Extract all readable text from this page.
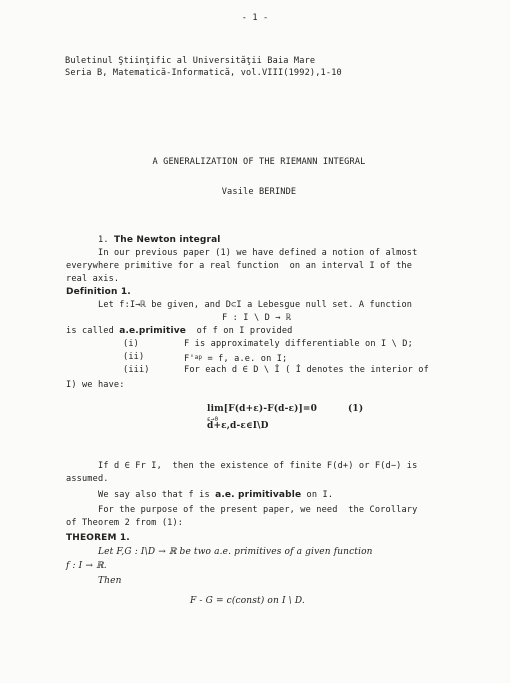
- 1 -
Buletinul Ştiinţific al Universităţii Baia Mare
Seria B, Matematică-Informatică, vol.VIII(1992),1-10
A GENERALIZATION OF THE RIEMANN INTEGRAL
Vasile BERINDE
1. The Newton integral
In our previous paper (1) we have defined a notion of almost
everywhere primitive for a real function  on an interval I of the
real axis.
Definition 1.
Let f:I→ℝ be given, and D⊂I a Lebesgue null set. A function
F : I \ D → ℝ
is called a.e.primitive  of f on I provided
(i)	F is approximately differentiable on I \ D;
(ii)	$F'^{ap} = f$, a.e. on I;
(iii)	For each d ∈ D \ İ ( İ denotes the interior of
I) we have:
lim[F(d+ε)-F(d-ε)]=0
ε→0
d+ε,d-ε∈I\D
(1)
If d ∈ Fr I,  then the existence of finite F(d+) or F(d−) is
assumed.
We say also that f is a.e. primitivable on I.
For the purpose of the present paper, we need  the Corollary
of Theorem 2 from (1):
THEOREM 1.
Let F,G : I\D → ℝ be two a.e. primitives of a given function
f : I → ℝ.
Then
F - G = c(const) on I \ D.
